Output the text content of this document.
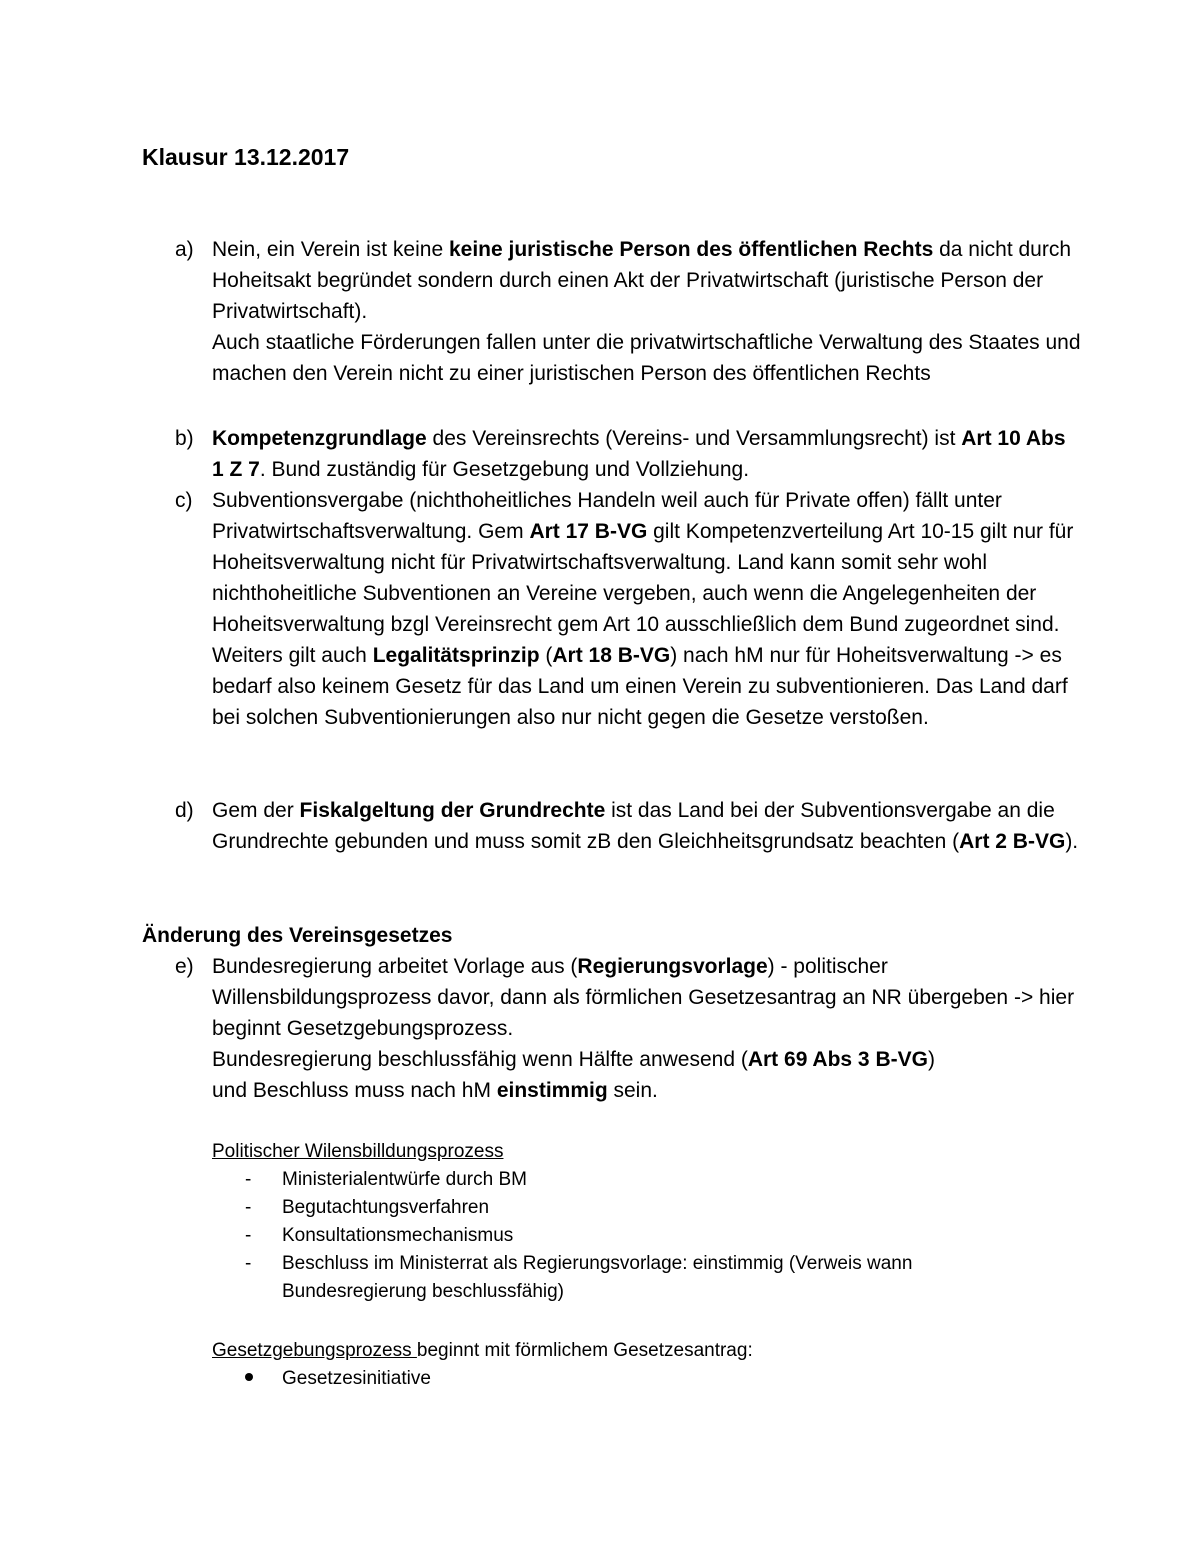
Klausur 13.12.2017
a) Nein, ein Verein ist keine keine juristische Person des öffentlichen Rechts da nicht durch Hoheitsakt begründet sondern durch einen Akt der Privatwirtschaft (juristische Person der Privatwirtschaft).
Auch staatliche Förderungen fallen unter die privatwirtschaftliche Verwaltung des Staates und machen den Verein nicht zu einer juristischen Person des öffentlichen Rechts
b) Kompetenzgrundlage des Vereinsrechts (Vereins- und Versammlungsrecht) ist Art 10 Abs 1 Z 7. Bund zuständig für Gesetzgebung und Vollziehung.
c) Subventionsvergabe (nichthoheitliches Handeln weil auch für Private offen) fällt unter Privatwirtschaftsverwaltung. Gem Art 17 B-VG gilt Kompetenzverteilung Art 10-15 gilt nur für Hoheitsverwaltung nicht für Privatwirtschaftsverwaltung. Land kann somit sehr wohl nichthoheitliche Subventionen an Vereine vergeben, auch wenn die Angelegenheiten der Hoheitsverwaltung bzgl Vereinsrecht gem Art 10 ausschließlich dem Bund zugeordnet sind.
Weiters gilt auch Legalitätsprinzip (Art 18 B-VG) nach hM nur für Hoheitsverwaltung -> es bedarf also keinem Gesetz für das Land um einen Verein zu subventionieren. Das Land darf bei solchen Subventionierungen also nur nicht gegen die Gesetze verstoßen.
d) Gem der Fiskalgeltung der Grundrechte ist das Land bei der Subventionsvergabe an die Grundrechte gebunden und muss somit zB den Gleichheitsgrundsatz beachten (Art 2 B-VG).
Änderung des Vereinsgesetzes
e) Bundesregierung arbeitet Vorlage aus (Regierungsvorlage) - politischer Willensbildungsprozess davor, dann als förmlichen Gesetzesantrag an NR übergeben -> hier beginnt Gesetzgebungsprozess.
Bundesregierung beschlussfähig wenn Hälfte anwesend (Art 69 Abs 3 B-VG)
und Beschluss muss nach hM einstimmig sein.
Politischer Wilensbilldungsprozess
-	Ministerialentwürfe durch BM
-	Begutachtungsverfahren
-	Konsultationsmechanismus
-	Beschluss im Ministerrat als Regierungsvorlage: einstimmig (Verweis wann Bundesregierung beschlussfähig)
Gesetzgebungsprozess beginnt mit förmlichem Gesetzesantrag:
Gesetzesinitiative
